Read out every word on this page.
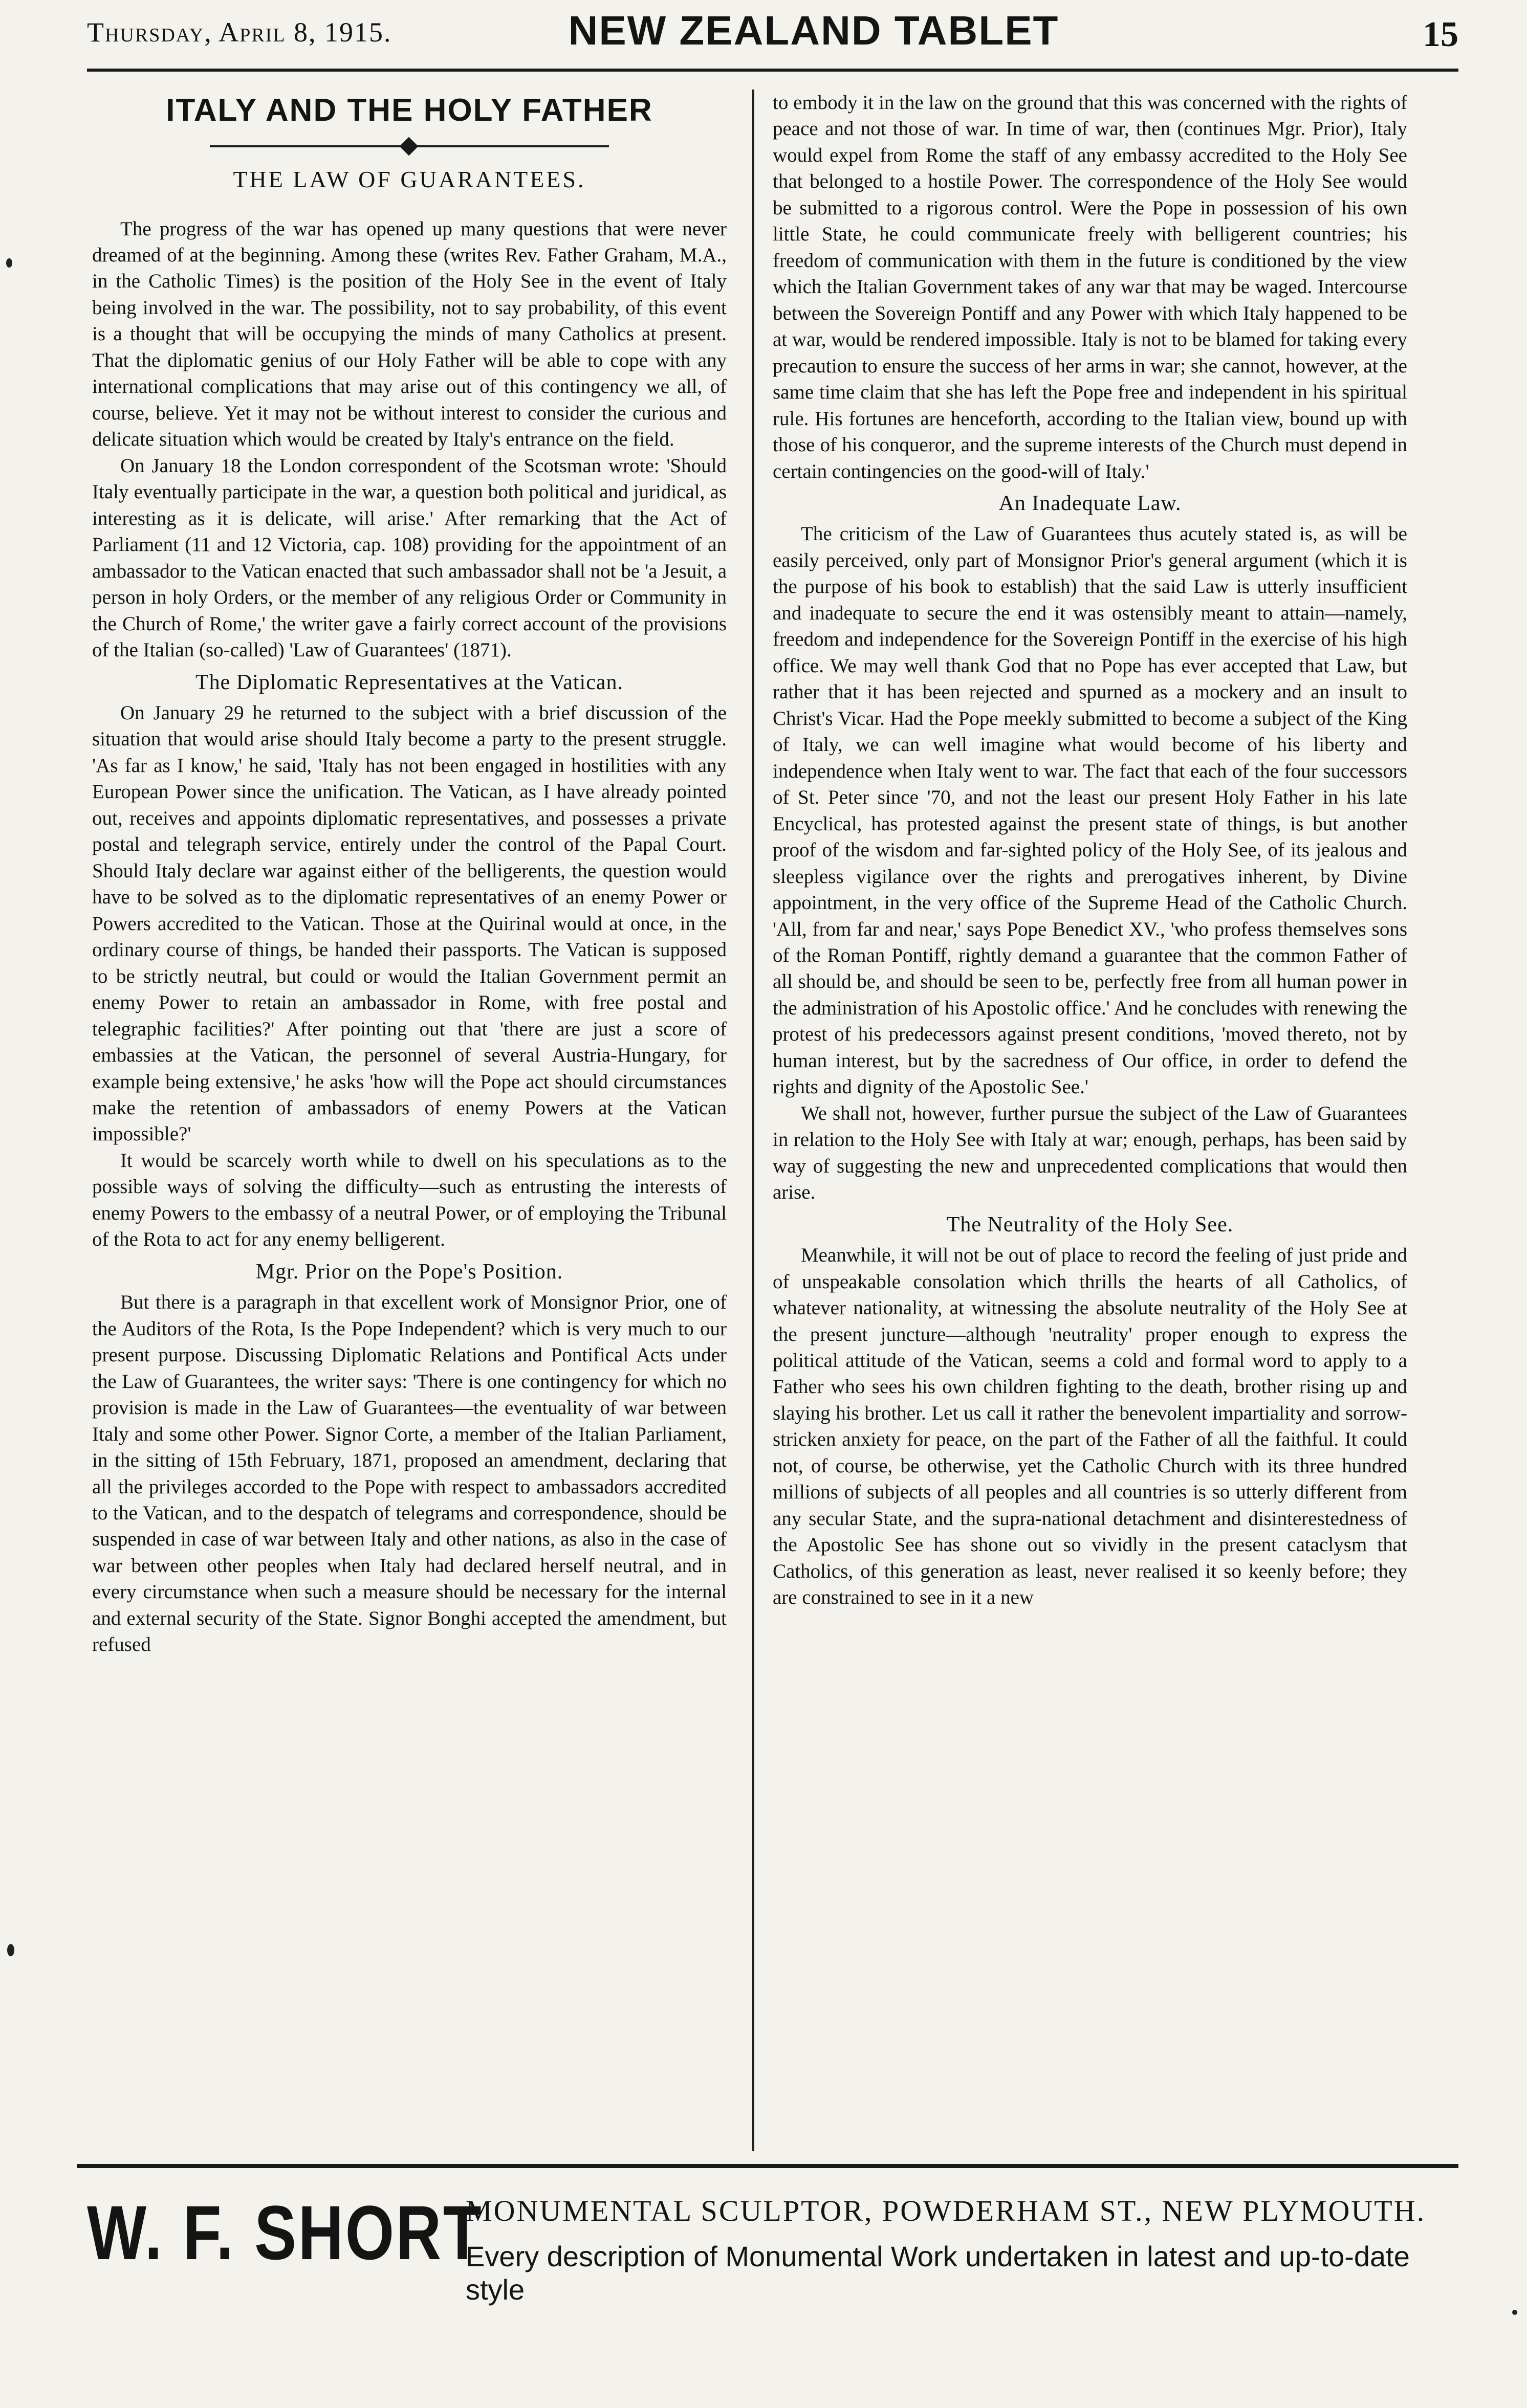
Thursday, April 8, 1915.	NEW ZEALAND TABLET	15
ITALY AND THE HOLY FATHER
THE LAW OF GUARANTEES.

The progress of the war has opened up many questions that were never dreamed of at the beginning. Among these (writes Rev. Father Graham, M.A., in the Catholic Times) is the position of the Holy See in the event of Italy being involved in the war. The possibility, not to say probability, of this event is a thought that will be occupying the minds of many Catholics at present. That the diplomatic genius of our Holy Father will be able to cope with any international complications that may arise out of this contingency we all, of course, believe. Yet it may not be without interest to consider the curious and delicate situation which would be created by Italy's entrance on the field.

On January 18 the London correspondent of the Scotsman wrote: 'Should Italy eventually participate in the war, a question both political and juridical, as interesting as it is delicate, will arise.' After remarking that the Act of Parliament (11 and 12 Victoria, cap. 108) providing for the appointment of an ambassador to the Vatican enacted that such ambassador shall not be 'a Jesuit, a person in holy Orders, or the member of any religious Order or Community in the Church of Rome,' the writer gave a fairly correct account of the provisions of the Italian (so-called) 'Law of Guarantees' (1871).

The Diplomatic Representatives at the Vatican.

On January 29 he returned to the subject with a brief discussion of the situation that would arise should Italy become a party to the present struggle. 'As far as I know,' he said, 'Italy has not been engaged in hostilities with any European Power since the unification. The Vatican, as I have already pointed out, receives and appoints diplomatic representatives, and possesses a private postal and telegraph service, entirely under the control of the Papal Court. Should Italy declare war against either of the belligerents, the question would have to be solved as to the diplomatic representatives of an enemy Power or Powers accredited to the Vatican. Those at the Quirinal would at once, in the ordinary course of things, be handed their passports. The Vatican is supposed to be strictly neutral, but could or would the Italian Government permit an enemy Power to retain an ambassador in Rome, with free postal and telegraphic facilities?' After pointing out that 'there are just a score of embassies at the Vatican, the personnel of several Austria-Hungary, for example being extensive,' he asks 'how will the Pope act should circumstances make the retention of ambassadors of enemy Powers at the Vatican impossible?'

It would be scarcely worth while to dwell on his speculations as to the possible ways of solving the difficulty—such as entrusting the interests of enemy Powers to the embassy of a neutral Power, or of employing the Tribunal of the Rota to act for any enemy belligerent.

Mgr. Prior on the Pope's Position.

But there is a paragraph in that excellent work of Monsignor Prior, one of the Auditors of the Rota, Is the Pope Independent? which is very much to our present purpose. Discussing Diplomatic Relations and Pontifical Acts under the Law of Guarantees, the writer says: 'There is one contingency for which no provision is made in the Law of Guarantees—the eventuality of war between Italy and some other Power. Signor Corte, a member of the Italian Parliament, in the sitting of 15th February, 1871, proposed an amendment, declaring that all the privileges accorded to the Pope with respect to ambassadors accredited to the Vatican, and to the despatch of telegrams and correspondence, should be suspended in case of war between Italy and other nations, as also in the case of war between other peoples when Italy had declared herself neutral, and in every circumstance when such a measure should be necessary for the internal and external security of the State. Signor Bonghi accepted the amendment, but refused

to embody it in the law on the ground that this was concerned with the rights of peace and not those of war. In time of war, then (continues Mgr. Prior), Italy would expel from Rome the staff of any embassy accredited to the Holy See that belonged to a hostile Power. The correspondence of the Holy See would be submitted to a rigorous control. Were the Pope in possession of his own little State, he could communicate freely with belligerent countries; his freedom of communication with them in the future is conditioned by the view which the Italian Government takes of any war that may be waged. Intercourse between the Sovereign Pontiff and any Power with which Italy happened to be at war, would be rendered impossible. Italy is not to be blamed for taking every precaution to ensure the success of her arms in war; she cannot, however, at the same time claim that she has left the Pope free and independent in his spiritual rule. His fortunes are henceforth, according to the Italian view, bound up with those of his conqueror, and the supreme interests of the Church must depend in certain contingencies on the good-will of Italy.'

An Inadequate Law.

The criticism of the Law of Guarantees thus acutely stated is, as will be easily perceived, only part of Monsignor Prior's general argument (which it is the purpose of his book to establish) that the said Law is utterly insufficient and inadequate to secure the end it was ostensibly meant to attain—namely, freedom and independence for the Sovereign Pontiff in the exercise of his high office. We may well thank God that no Pope has ever accepted that Law, but rather that it has been rejected and spurned as a mockery and an insult to Christ's Vicar. Had the Pope meekly submitted to become a subject of the King of Italy, we can well imagine what would become of his liberty and independence when Italy went to war. The fact that each of the four successors of St. Peter since '70, and not the least our present Holy Father in his late Encyclical, has protested against the present state of things, is but another proof of the wisdom and far-sighted policy of the Holy See, of its jealous and sleepless vigilance over the rights and prerogatives inherent, by Divine appointment, in the very office of the Supreme Head of the Catholic Church. 'All, from far and near,' says Pope Benedict XV., 'who profess themselves sons of the Roman Pontiff, rightly demand a guarantee that the common Father of all should be, and should be seen to be, perfectly free from all human power in the administration of his Apostolic office.' And he concludes with renewing the protest of his predecessors against present conditions, 'moved thereto, not by human interest, but by the sacredness of Our office, in order to defend the rights and dignity of the Apostolic See.'

We shall not, however, further pursue the subject of the Law of Guarantees in relation to the Holy See with Italy at war; enough, perhaps, has been said by way of suggesting the new and unprecedented complications that would then arise.

The Neutrality of the Holy See.

Meanwhile, it will not be out of place to record the feeling of just pride and of unspeakable consolation which thrills the hearts of all Catholics, of whatever nationality, at witnessing the absolute neutrality of the Holy See at the present juncture—although 'neutrality' proper enough to express the political attitude of the Vatican, seems a cold and formal word to apply to a Father who sees his own children fighting to the death, brother rising up and slaying his brother. Let us call it rather the benevolent impartiality and sorrow-stricken anxiety for peace, on the part of the Father of all the faithful. It could not, of course, be otherwise, yet the Catholic Church with its three hundred millions of subjects of all peoples and all countries is so utterly different from any secular State, and the supra-national detachment and disinterestedness of the Apostolic See has shone out so vividly in the present cataclysm that Catholics, of this generation as least, never realised it so keenly before; they are constrained to see in it a new

W. F. SHORT
MONUMENTAL SCULPTOR, POWDERHAM ST., NEW PLYMOUTH.
Every description of Monumental Work undertaken in latest and up-to-date style
